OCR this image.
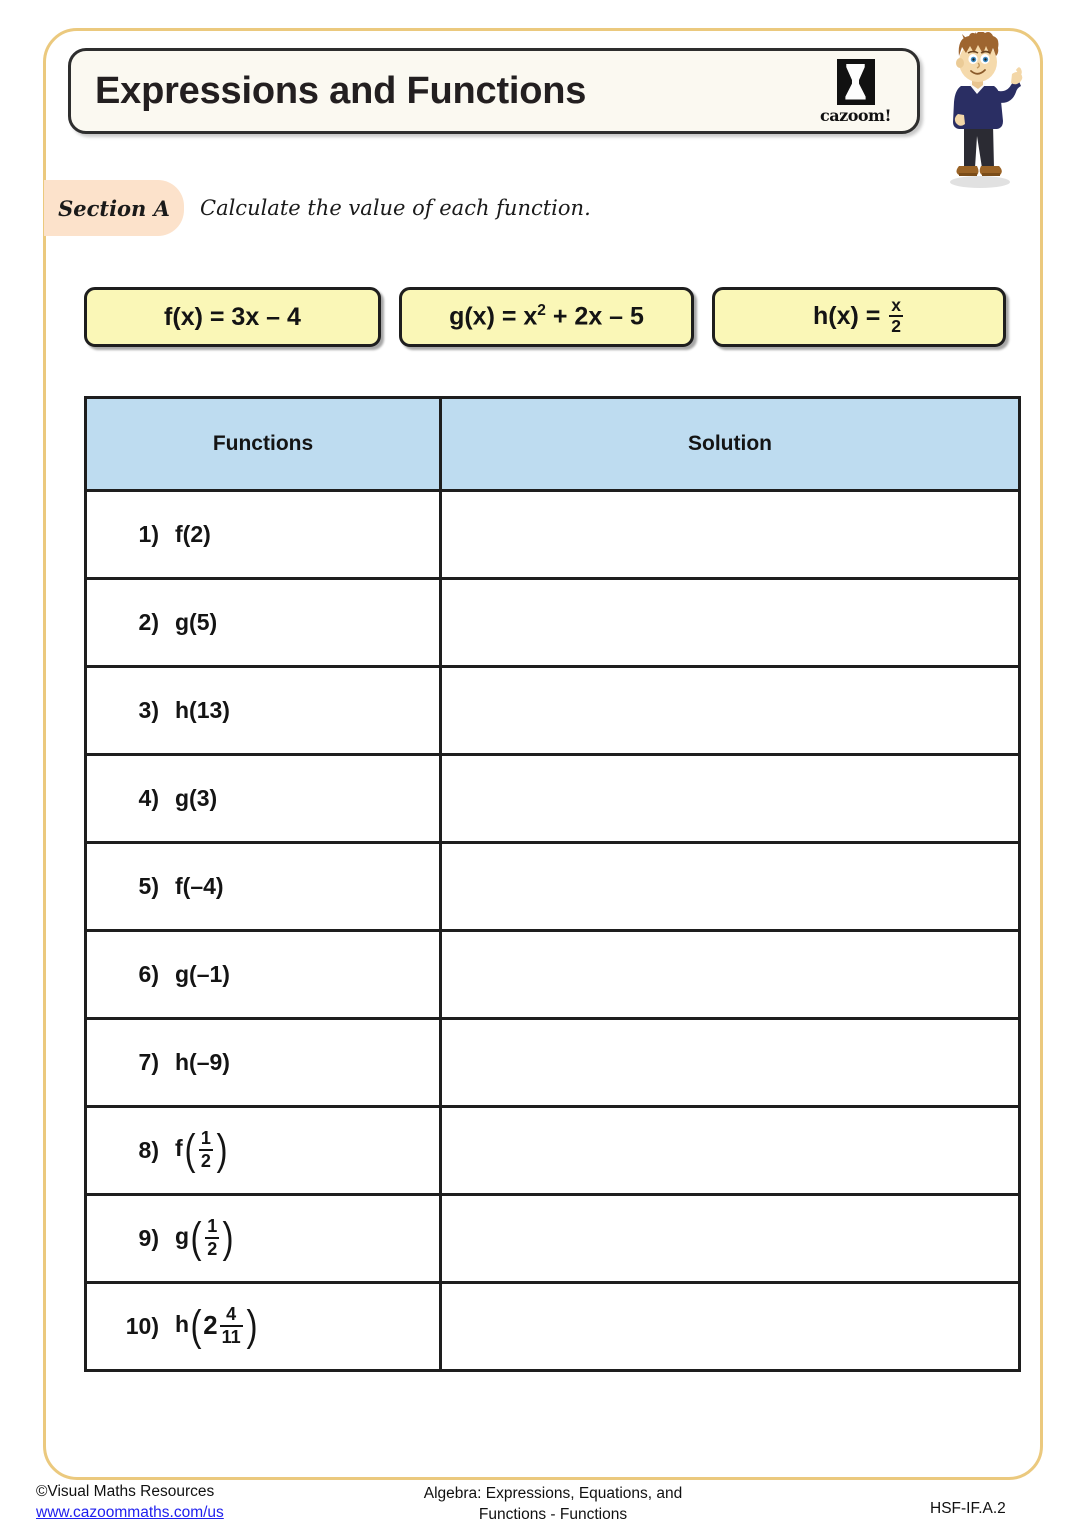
Expressions and Functions
cazoom!
Section A Calculate the value of each function.
f(x) = 3x – 4	$g(x) = x^2 + 2x - 5$	$h(x) = \frac{x}{2}$
Functions	Solution

1) f(2)	

2) g(5)	

3) h(13)	

4) g(3)	

5) f(–4)	

6) g(–1)	

7) h(–9)	

8) f ( $\frac{1}{2}$ )

9) g ( $\frac{1}{2}$ )

10) h ( $2 \frac{4}{11}$ )

©Visual Maths Resources
www.cazoommaths.com/us
Algebra: Expressions, Equations, and
Functions - Functions	HSF-IF.A.2
